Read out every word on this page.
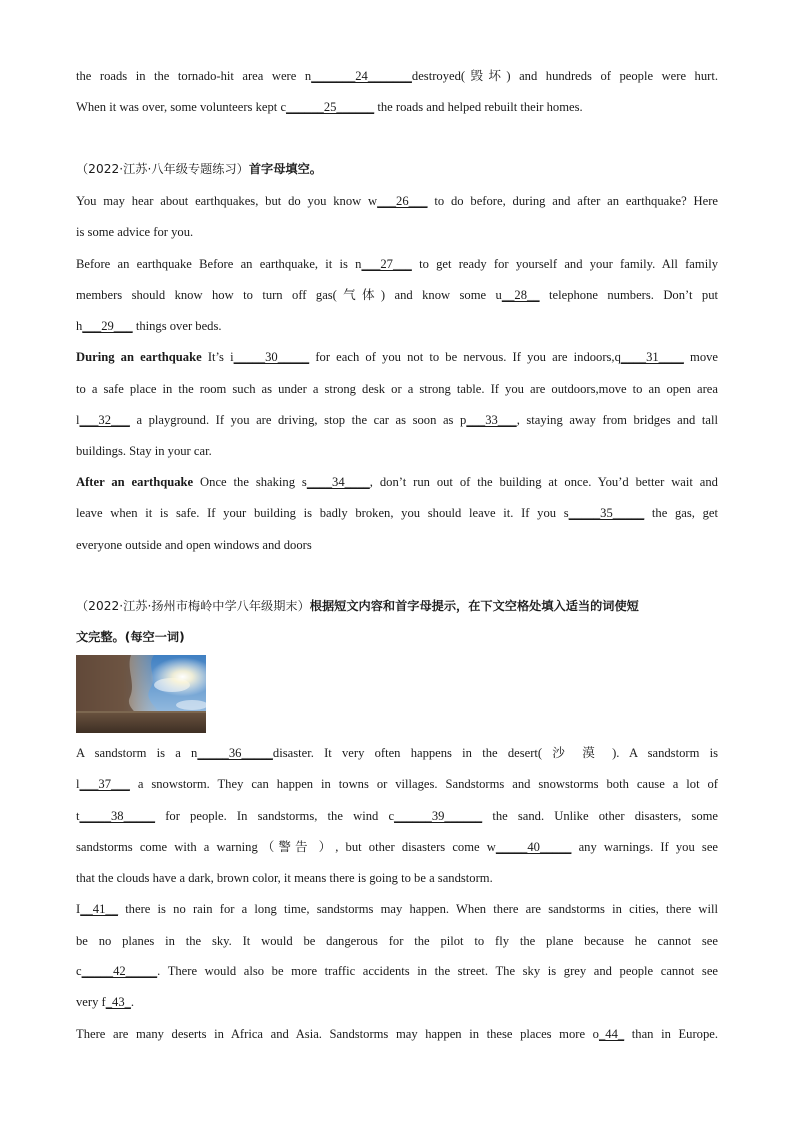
the roads in the tornado-hit area were n_______24_______destroyed(毁坏) and hundreds of people were hurt.
When it was over, some volunteers kept c______25______ the roads and helped rebuilt their homes.
（2022·江苏·八年级专题练习）首字母填空。
You may hear about earthquakes, but do you know w___26___ to do before, during and after an earthquake? Here
is some advice for you.
Before an earthquake Before an earthquake, it is n___27___ to get ready for yourself and your family. All family
members should know how to turn off gas(气体) and know some u__28__ telephone numbers. Don’t put
h___29___ things over beds.
During an earthquake It’s i_____30_____ for each of you not to be nervous. If you are indoors,q____31____ move
to a safe place in the room such as under a strong desk or a strong table. If you are outdoors,move to an open area
l___32___ a playground. If you are driving, stop the car as soon as p___33___, staying away from bridges and tall
buildings. Stay in your car.
After an earthquake Once the shaking s____34____, don’t run out of the building at once. You’d better wait and
leave when it is safe. If your building is badly broken, you should leave it. If you s_____35_____ the gas, get
everyone outside and open windows and doors
（2022·江苏·扬州市梅岭中学八年级期末）根据短文内容和首字母提示，在下文空格处填入适当的词使短
文完整。(每空一词)
A sandstorm is a n_____36_____disaster. It very often happens in the desert( 沙 漠 ). A sandstorm is
l___37___ a snowstorm. They can happen in towns or villages. Sandstorms and snowstorms both cause a lot of
t_____38_____ for people. In sandstorms, the wind c______39______ the sand. Unlike other disasters, some
sandstorms come with a warning（警告 ）, but other disasters come w_____40_____ any warnings. If you see
that the clouds have a dark, brown color, it means there is going to be a sandstorm.
I__41__ there is no rain for a long time, sandstorms may happen. When there are sandstorms in cities, there will
be no planes in the sky. It would be dangerous for the pilot to fly the plane because he cannot see
c_____42_____. There would also be more traffic accidents in the street. The sky is grey and people cannot see
very f_43_.
There are many deserts in Africa and Asia. Sandstorms may happen in these places more o_44_ than in Europe.
